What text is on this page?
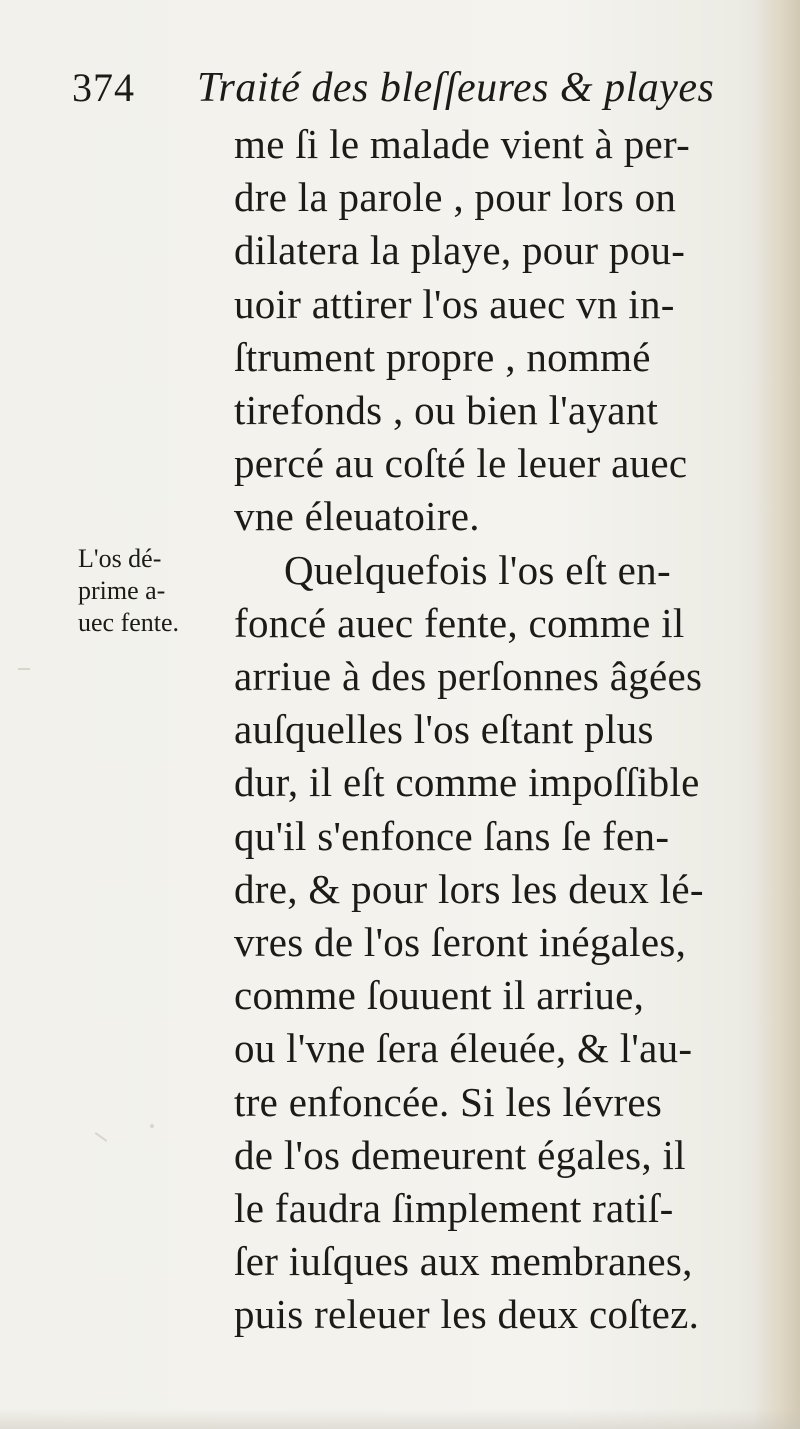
374 Traité des bleſſeures & playes
L'os dé-
prime a-
uec fente.
me ſi le malade vient à per-
dre la parole , pour lors on
dilatera la playe, pour pou-
uoir attirer l'os auec vn in-
ſtrument propre , nommé
tirefonds , ou bien l'ayant
percé au coſté le leuer auec
vne éleuatoire.
Quelquefois l'os eſt en-
foncé auec fente, comme il
arriue à des perſonnes âgées
auſquelles l'os eſtant plus
dur, il eſt comme impoſſible
qu'il s'enfonce ſans ſe fen-
dre, & pour lors les deux lé-
vres de l'os ſeront inégales,
comme ſouuent il arriue,
ou l'vne ſera éleuée, & l'au-
tre enfoncée. Si les lévres
de l'os demeurent égales, il
le faudra ſimplement ratiſ-
ſer iuſques aux membranes,
puis releuer les deux coſtez.
